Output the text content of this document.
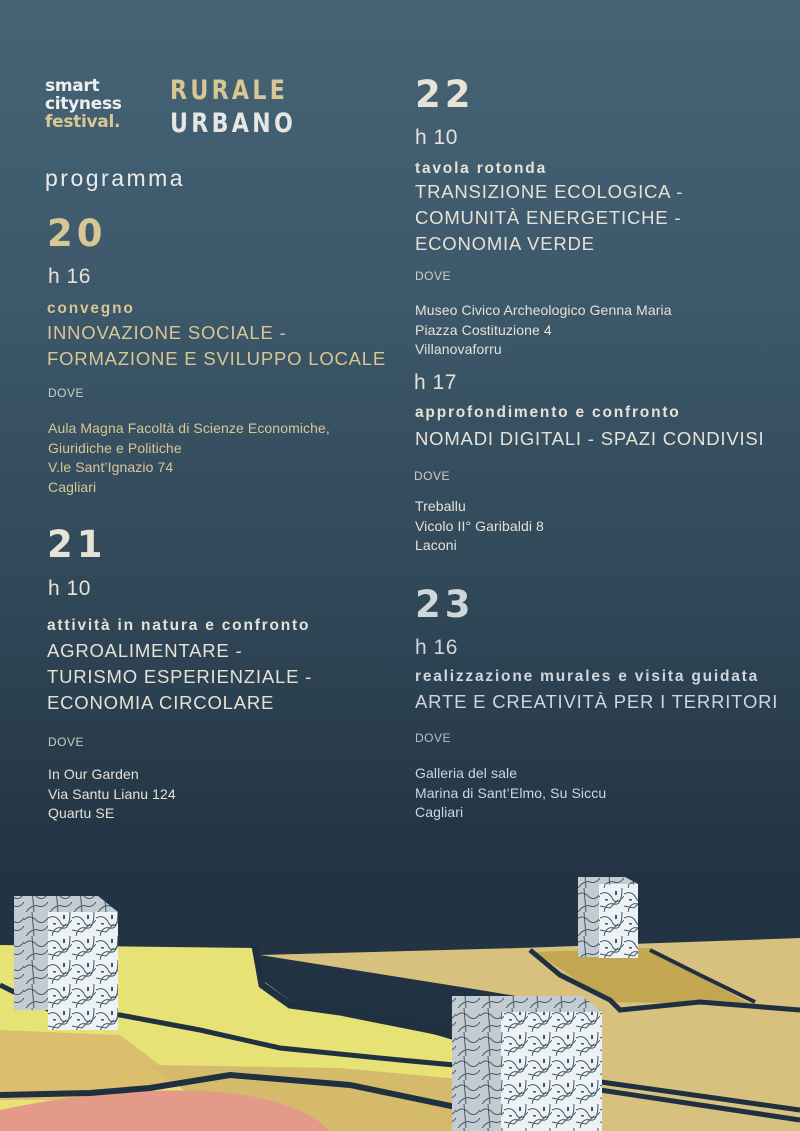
smart
cityness
festival.
RURALE
URBANO
programma
20
h 16
convegno
INNOVAZIONE SOCIALE -
FORMAZIONE E SVILUPPO LOCALE
DOVE
Aula Magna Facoltà di Scienze Economiche,
Giuridiche e Politiche
V.le Sant’Ignazio 74
Cagliari
21
h 10
attività in natura e confronto
AGROALIMENTARE -
TURISMO ESPERIENZIALE -
ECONOMIA CIRCOLARE
DOVE
In Our Garden
Via Santu Lianu 124
Quartu SE
22
h 10
tavola rotonda
TRANSIZIONE ECOLOGICA -
COMUNITÀ ENERGETICHE -
ECONOMIA VERDE
DOVE
Museo Civico Archeologico Genna Maria
Piazza Costituzione 4
Villanovaforru
h 17
approfondimento e confronto
NOMADI DIGITALI - SPAZI CONDIVISI
DOVE
Treballu
Vicolo II° Garibaldi 8
Laconi
23
h 16
realizzazione murales e visita guidata
ARTE E CREATIVITÀ PER I TERRITORI
DOVE
Galleria del sale
Marina di Sant’Elmo, Su Siccu
Cagliari
